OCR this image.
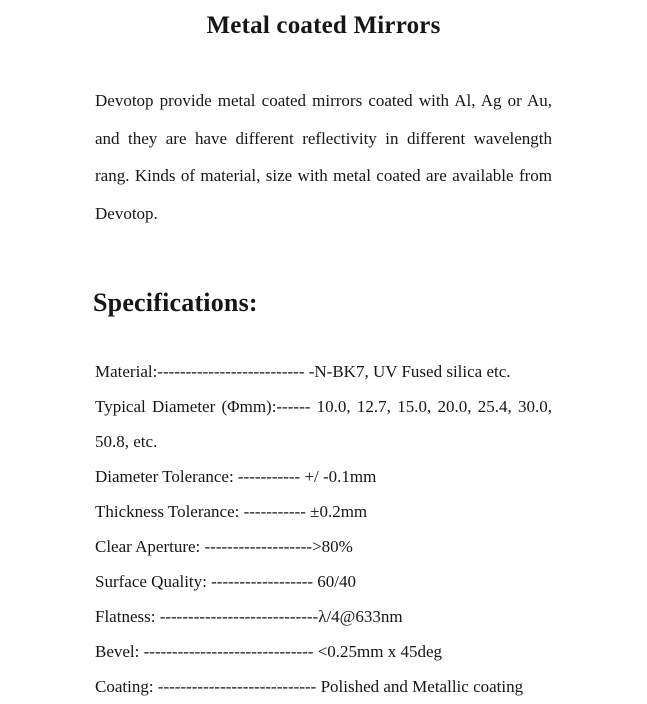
Metal coated Mirrors

Devotop provide metal coated mirrors coated with Al, Ag or Au, and they are have different reflectivity in different wavelength rang. Kinds of material, size with metal coated are available from Devotop.

Specifications:

Material:-------------------------- -N-BK7, UV Fused silica etc.

Typical Diameter (Φmm):------ 10.0, 12.7, 15.0, 20.0, 25.4, 30.0, 50.8, etc.

Diameter Tolerance: ----------- +/ -0.1mm

Thickness Tolerance: ----------- ±0.2mm

Clear Aperture: ------------------->80%

Surface Quality: ------------------ 60/40

Flatness: ----------------------------λ/4@633nm

Bevel: ------------------------------ <0.25mm x 45deg

Coating: ---------------------------- Polished and Metallic coating
